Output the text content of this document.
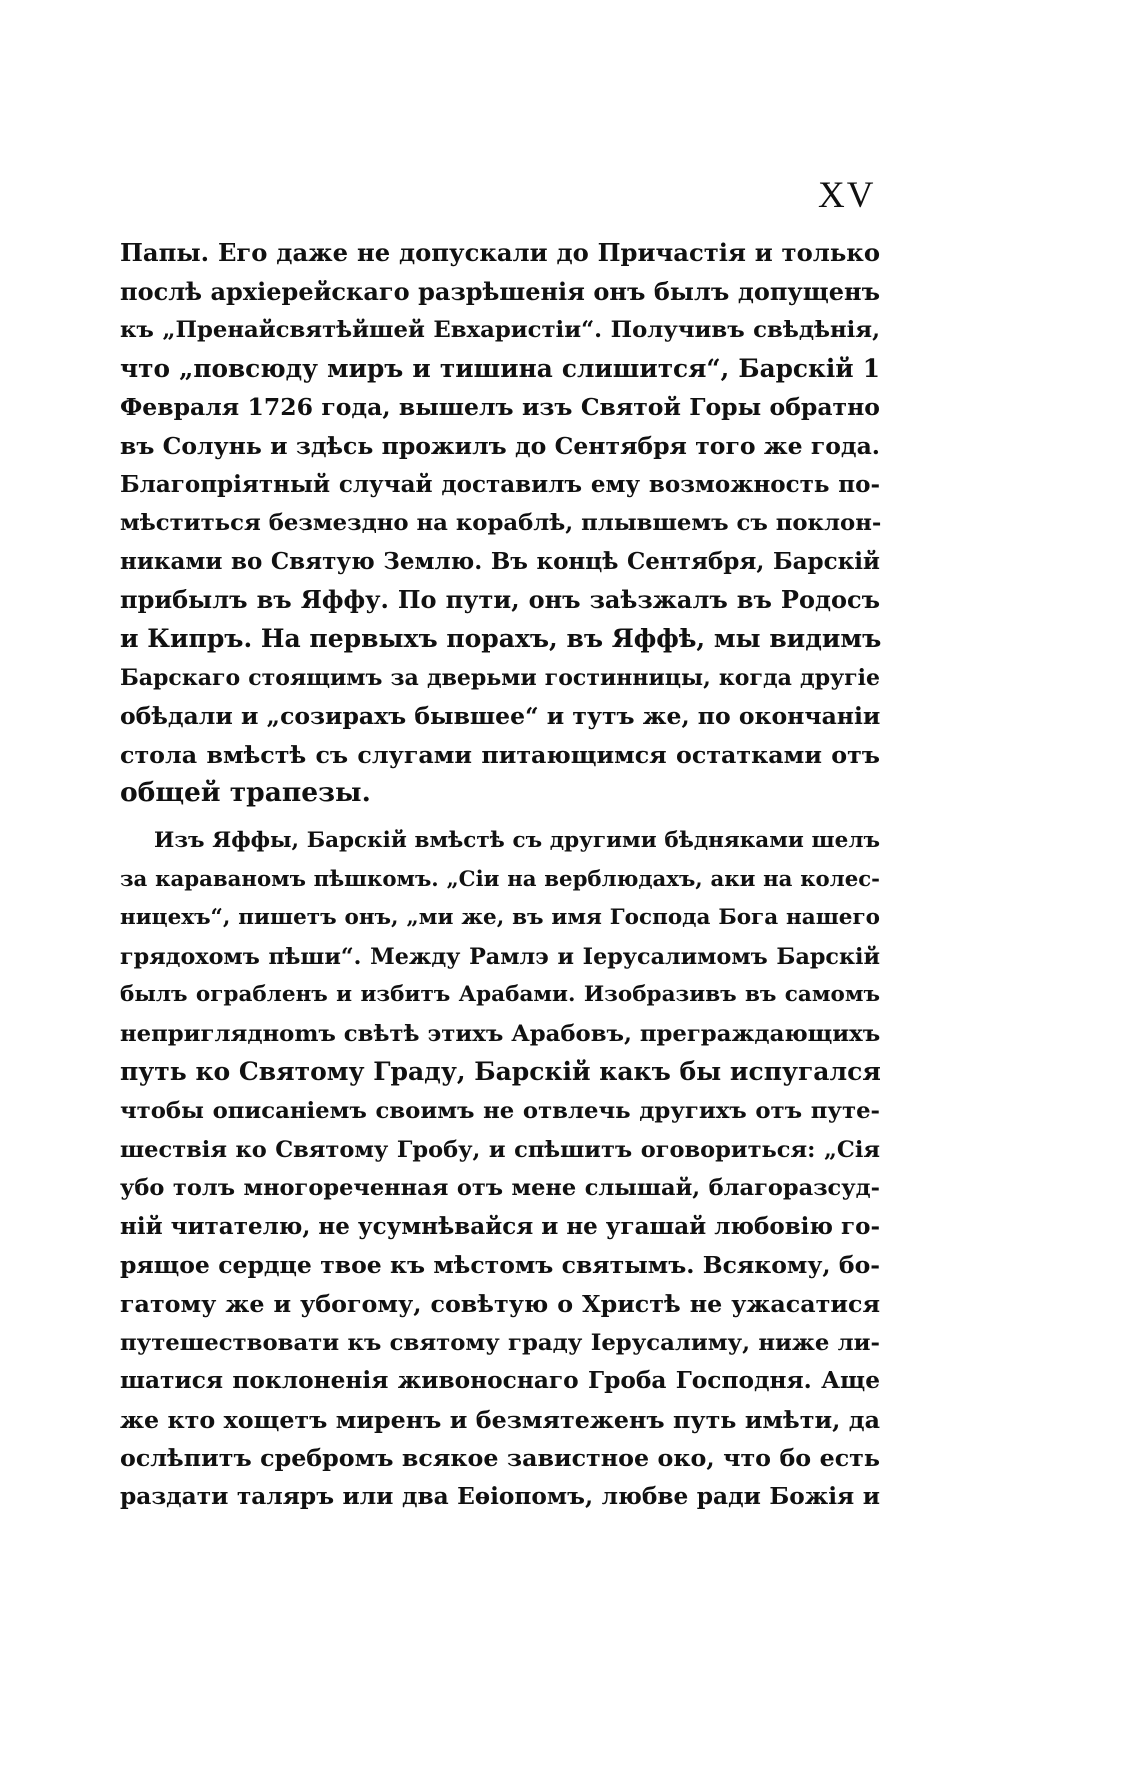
XV

Папы. Его даже не допускали до Причастія и только
послѣ архіерейскаго разрѣшенія онъ былъ допущенъ
къ „Пренайсвятѣйшей Евхаристіи“. Получивъ свѣдѣнія,
что „повсюду миръ и тишина слишится“, Барскій 1
Февраля 1726 года, вышелъ изъ Святой Горы обратно
въ Солунь и здѣсь прожилъ до Сентября того же года.
Благопріятный случай доставилъ ему возможность по-
мѣститься безмездно на кораблѣ, плывшемъ съ поклон-
никами во Святую Землю. Въ концѣ Сентября, Барскій
прибылъ въ Яффу. По пути, онъ заѣзжалъ въ Родосъ
и Кипръ. На первыхъ порахъ, въ Яффѣ, мы видимъ
Барскаго стоящимъ за дверьми гостинницы, когда другіе
обѣдали и „созирахъ бывшее“ и тутъ же, по окончаніи
стола вмѣстѣ съ слугами питающимся остатками отъ
общей трапезы.

Изъ Яффы, Барскій вмѣстѣ съ другими бѣдняками шелъ
за караваномъ пѣшкомъ. „Сіи на верблюдахъ, аки на колес-
ницехъ“, пишетъ онъ, „ми же, въ имя Господа Бога нашего
грядохомъ пѣши“. Между Рамлэ и Іерусалимомъ Барскій
былъ ограбленъ и избитъ Арабами. Изобразивъ въ самомъ
непригляднomъ свѣтѣ этихъ Арабовъ, преграждающихъ
путь ко Святому Граду, Барскій какъ бы испугался
чтобы описаніемъ своимъ не отвлечь другихъ отъ путе-
шествія ко Святому Гробу, и спѣшитъ оговориться: „Сія
убо толъ многореченная отъ мене слышай, благоразсуд-
ній читателю, не усумнѣвайся и не угашай любовію го-
рящое сердце твое къ мѣстомъ святымъ. Всякому, бо-
гатому же и убогому, совѣтую о Христѣ не ужасатися
путешествовати къ святому граду Іерусалиму, ниже ли-
шатися поклоненія живоноснаго Гроба Господня. Аще
же кто хощетъ миренъ и безмятеженъ путь имѣти, да
ослѣпитъ сребромъ всякое завистное око, что бо есть
раздати таляръ или два Еѳіопомъ, любве ради Божія и
